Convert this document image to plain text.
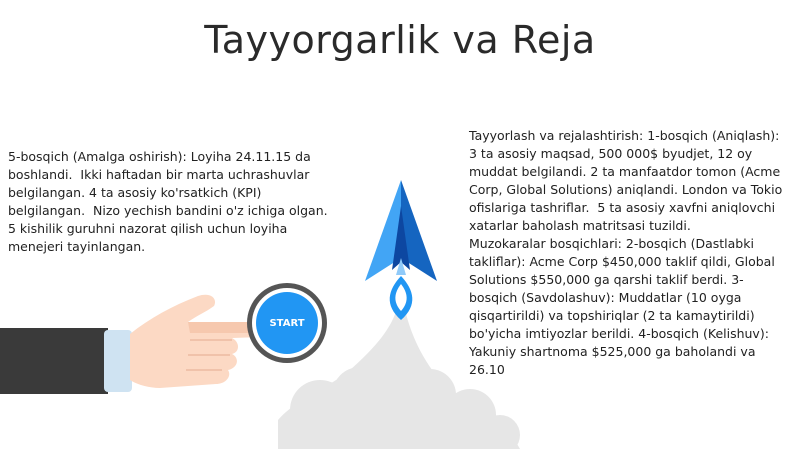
START
Tayyorgarlik va Reja
5-bosqich (Amalga oshirish): Loyiha 24.11.15 da boshlandi.  Ikki haftadan bir marta uchrashuvlar belgilangan. 4 ta asosiy ko'rsatkich (KPI) belgilangan.  Nizo yechish bandini o'z ichiga olgan.  5 kishilik guruhni nazorat qilish uchun loyiha menejeri tayinlangan.

Tayyorlash va rejalashtirish: 1-bosqich (Aniqlash): 3 ta asosiy maqsad, 500 000$ byudjet, 12 oy muddat belgilandi. 2 ta manfaatdor tomon (Acme Corp, Global Solutions) aniqlandi. London va Tokio ofislariga tashriflar.  5 ta asosiy xavfni aniqlovchi xatarlar baholash matritsasi tuzildi.

Muzokaralar bosqichlari: 2-bosqich (Dastlabki takliflar): Acme Corp $450,000 taklif qildi, Global Solutions $550,000 ga qarshi taklif berdi. 3-bosqich (Savdolashuv): Muddatlar (10 oyga qisqartirildi) va topshiriqlar (2 ta kamaytirildi) bo'yicha imtiyozlar berildi. 4-bosqich (Kelishuv): Yakuniy shartnoma $525,000 ga baholandi va 26.10
